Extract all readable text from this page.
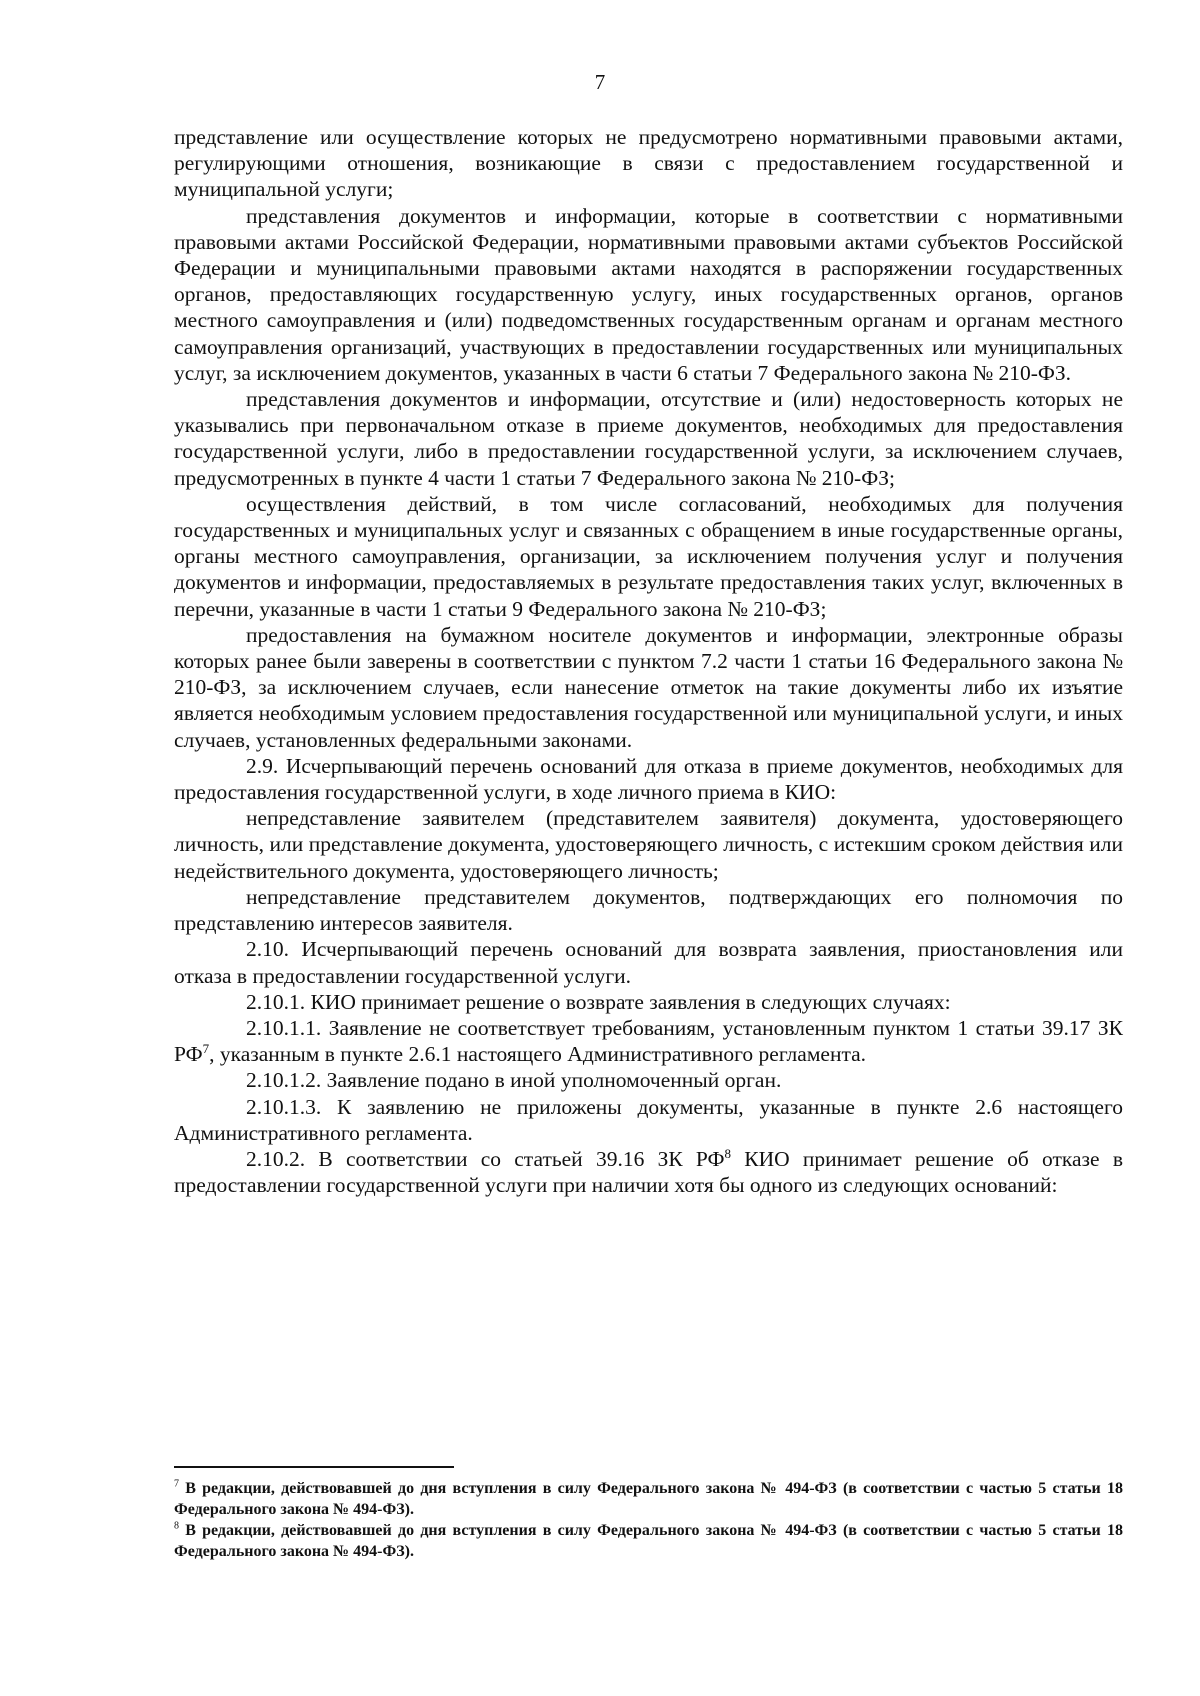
7

представление или осуществление которых не предусмотрено нормативными правовыми актами, регулирующими отношения, возникающие в связи с предоставлением государственной и муниципальной услуги;

представления документов и информации, которые в соответствии с нормативными правовыми актами Российской Федерации, нормативными правовыми актами субъектов Российской Федерации и муниципальными правовыми актами находятся в распоряжении государственных органов, предоставляющих государственную услугу, иных государственных органов, органов местного самоуправления и (или) подведомственных государственным органам и органам местного самоуправления организаций, участвующих в предоставлении государственных или муниципальных услуг, за исключением документов, указанных в части 6 статьи 7 Федерального закона № 210-ФЗ.

представления документов и информации, отсутствие и (или) недостоверность которых не указывались при первоначальном отказе в приеме документов, необходимых для предоставления государственной услуги, либо в предоставлении государственной услуги, за исключением случаев, предусмотренных в пункте 4 части 1 статьи 7 Федерального закона № 210-ФЗ;

осуществления действий, в том числе согласований, необходимых для получения государственных и муниципальных услуг и связанных с обращением в иные государственные органы, органы местного самоуправления, организации, за исключением получения услуг и получения документов и информации, предоставляемых в результате предоставления таких услуг, включенных в перечни, указанные в части 1 статьи 9 Федерального закона № 210-ФЗ;

предоставления на бумажном носителе документов и информации, электронные образы которых ранее были заверены в соответствии с пунктом 7.2 части 1 статьи 16 Федерального закона № 210-ФЗ, за исключением случаев, если нанесение отметок на такие документы либо их изъятие является необходимым условием предоставления государственной или муниципальной услуги, и иных случаев, установленных федеральными законами.

2.9. Исчерпывающий перечень оснований для отказа в приеме документов, необходимых для предоставления государственной услуги, в ходе личного приема в КИО:

непредставление заявителем (представителем заявителя) документа, удостоверяющего личность, или представление документа, удостоверяющего личность, с истекшим сроком действия или недействительного документа, удостоверяющего личность;

непредставление представителем документов, подтверждающих его полномочия по представлению интересов заявителя.

2.10. Исчерпывающий перечень оснований для возврата заявления, приостановления или отказа в предоставлении государственной услуги.

2.10.1. КИО принимает решение о возврате заявления в следующих случаях:

2.10.1.1. Заявление не соответствует требованиям, установленным пунктом 1 статьи 39.17 ЗК $РФ^7$, указанным в пункте 2.6.1 настоящего Административного регламента.

2.10.1.2. Заявление подано в иной уполномоченный орган.

2.10.1.3. К заявлению не приложены документы, указанные в пункте 2.6 настоящего Административного регламента.

2.10.2. В соответствии со статьей 39.16 ЗК $РФ^8$ КИО принимает решение об отказе в предоставлении государственной услуги при наличии хотя бы одного из следующих оснований:

$^7$ В редакции, действовавшей до дня вступления в силу Федерального закона № 494-ФЗ (в соответствии с частью 5 статьи 18 Федерального закона № 494-ФЗ).

$^8$ В редакции, действовавшей до дня вступления в силу Федерального закона № 494-ФЗ (в соответствии с частью 5 статьи 18 Федерального закона № 494-ФЗ).
